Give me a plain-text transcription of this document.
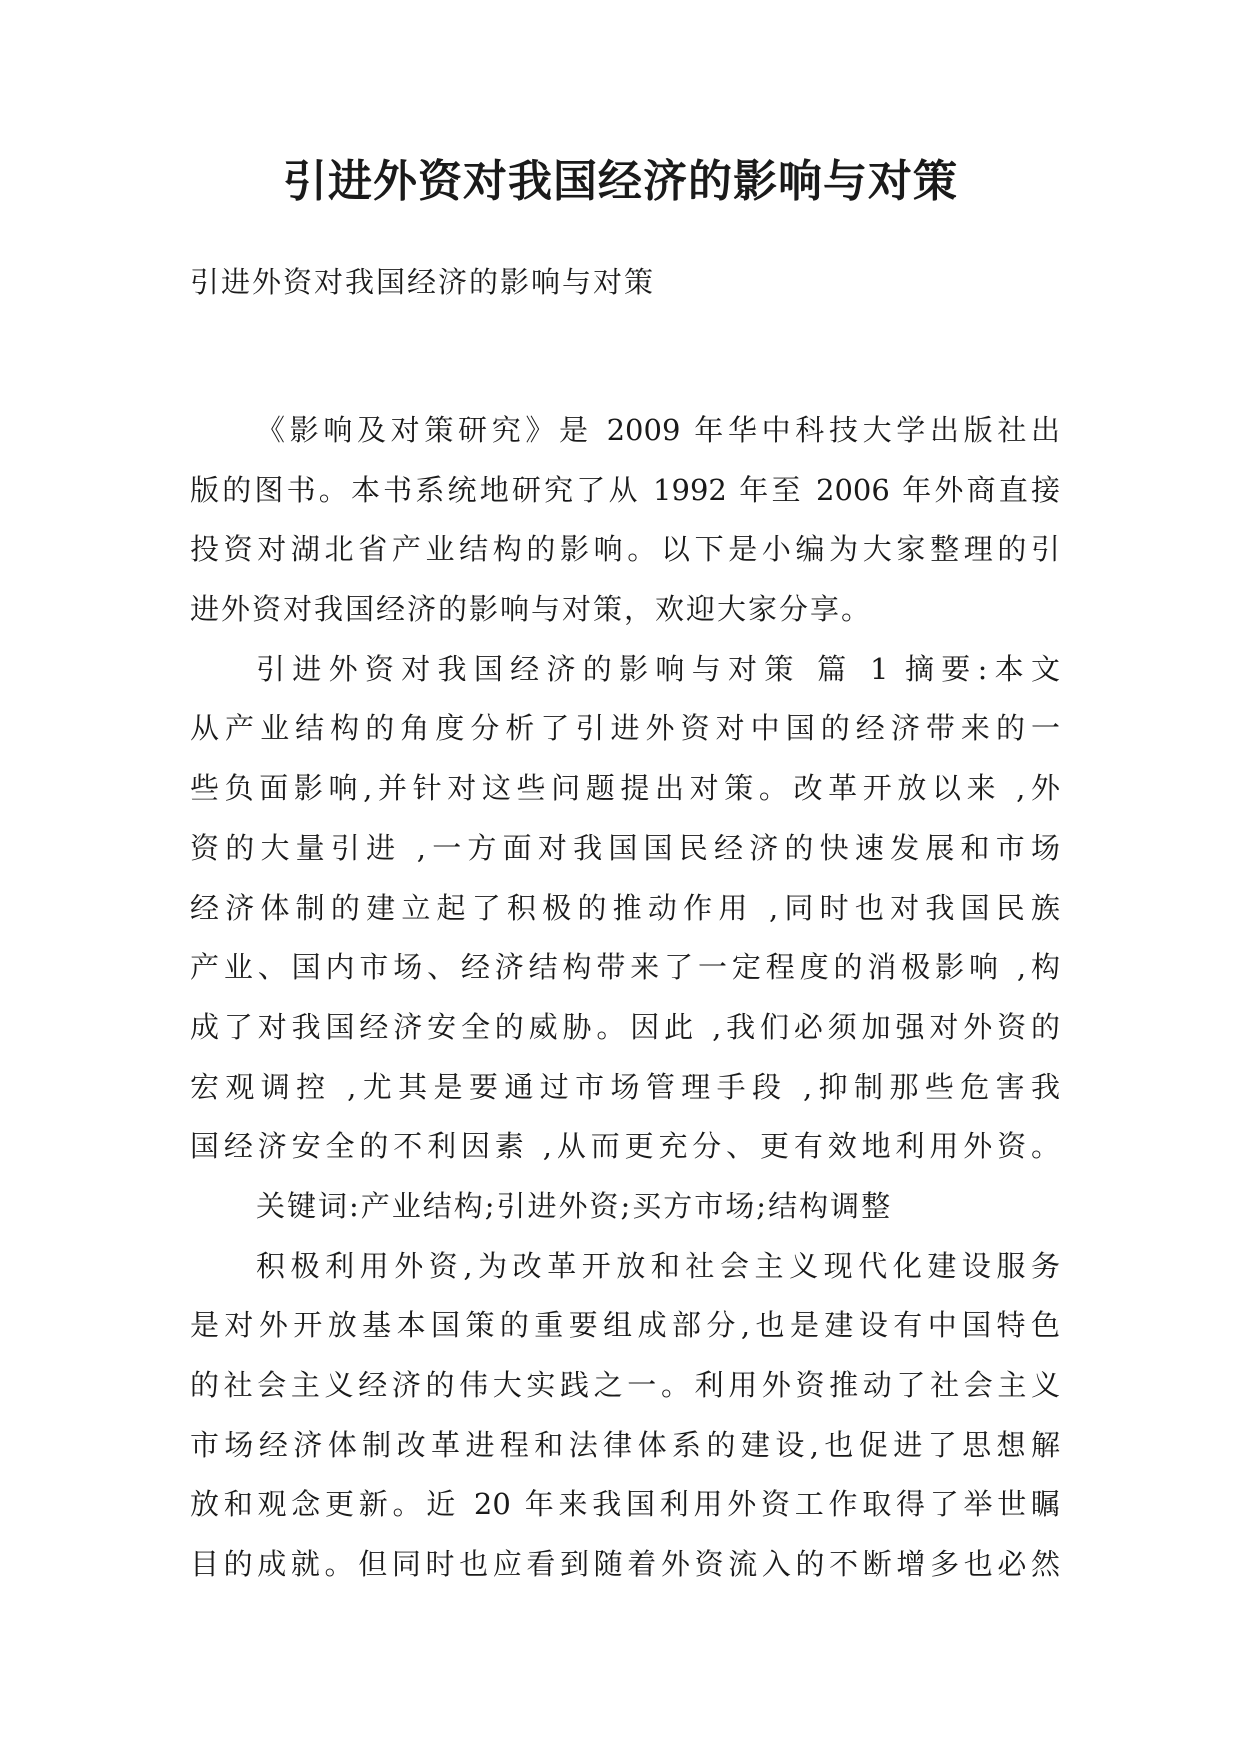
引进外资对我国经济的影响与对策

引进外资对我国经济的影响与对策

《影响及对策研究》是 2009 年华中科技大学出版社出
版的图书。本书系统地研究了从 1992 年至 2006 年外商直接
投资对湖北省产业结构的影响。以下是小编为大家整理的引
进外资对我国经济的影响与对策，欢迎大家分享。
引进外资对我国经济的影响与对策 篇 1 摘要:本文
从产业结构的角度分析了引进外资对中国的经济带来的一
些负面影响,并针对这些问题提出对策。改革开放以来 ,外
资的大量引进 ,一方面对我国国民经济的快速发展和市场
经济体制的建立起了积极的推动作用 ,同时也对我国民族
产业、国内市场、经济结构带来了一定程度的消极影响 ,构
成了对我国经济安全的威胁。因此 ,我们必须加强对外资的
宏观调控 ,尤其是要通过市场管理手段 ,抑制那些危害我
国经济安全的不利因素 ,从而更充分、更有效地利用外资。
关键词:产业结构;引进外资;买方市场;结构调整
积极利用外资,为改革开放和社会主义现代化建设服务
是对外开放基本国策的重要组成部分,也是建设有中国特色
的社会主义经济的伟大实践之一。利用外资推动了社会主义
市场经济体制改革进程和法律体系的建设,也促进了思想解
放和观念更新。近 20 年来我国利用外资工作取得了举世瞩
目的成就。但同时也应看到随着外资流入的不断增多也必然
